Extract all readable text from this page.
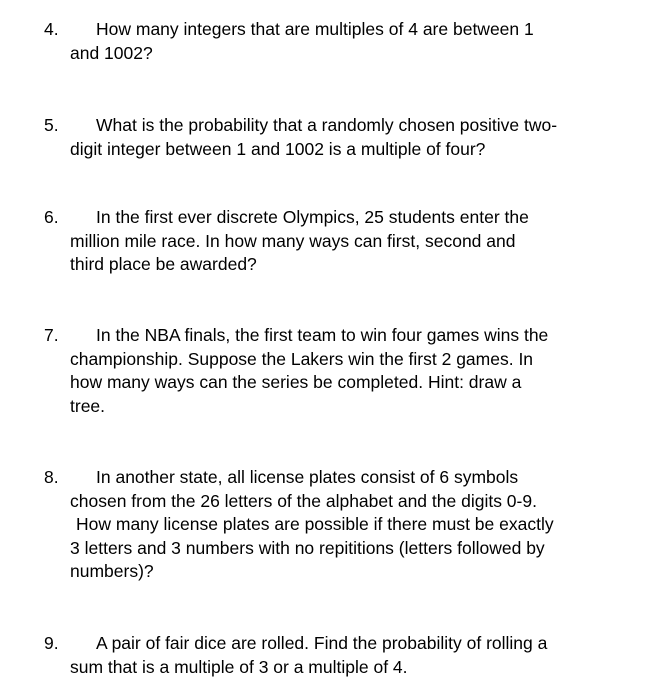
4. How many integers that are multiples of 4 are between 1
and 1002?
5. What is the probability that a randomly chosen positive two-
digit integer between 1 and 1002 is a multiple of four?
6. In the first ever discrete Olympics, 25 students enter the
million mile race. In how many ways can first, second and
third place be awarded?
7. In the NBA finals, the first team to win four games wins the
championship. Suppose the Lakers win the first 2 games. In
how many ways can the series be completed. Hint: draw a
tree.
8. In another state, all license plates consist of 6 symbols
chosen from the 26 letters of the alphabet and the digits 0-9.
How many license plates are possible if there must be exactly
3 letters and 3 numbers with no repititions (letters followed by
numbers)?
9. A pair of fair dice are rolled. Find the probability of rolling a
sum that is a multiple of 3 or a multiple of 4.
